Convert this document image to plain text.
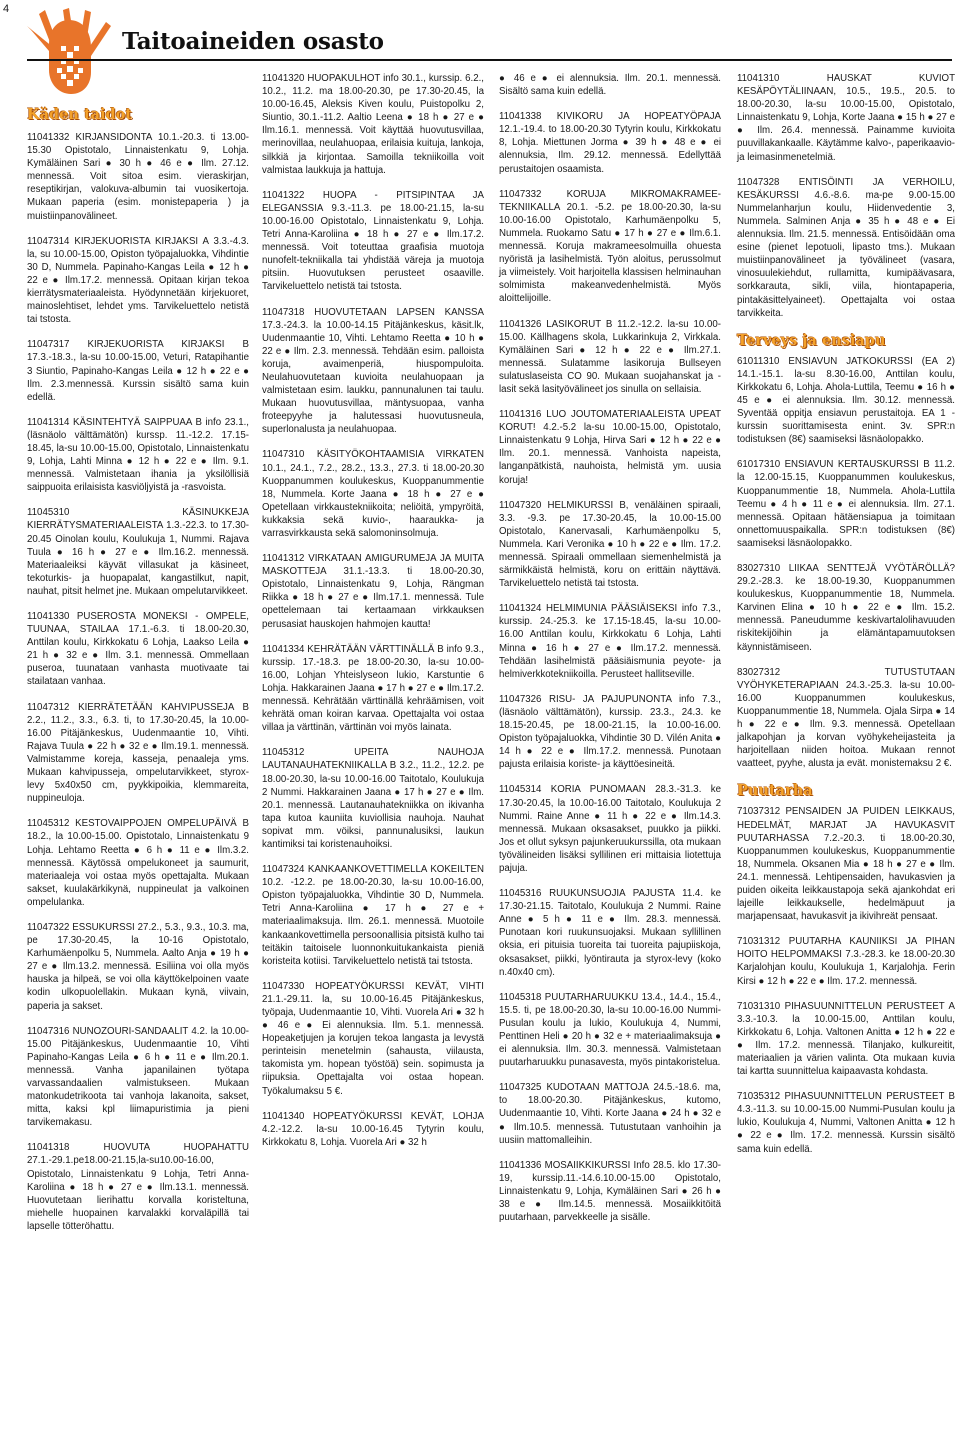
4
Taitoaineiden osasto
Käden taidot
11041332 KIRJANSIDONTA 10.1.-20.3. ti 13.00-15.30 Opistotalo, Linnaistenkatu 9, Lohja. Kymäläinen Sari ● 30 h ● 46 e ● Ilm. 27.12. mennessä. Voit sitoa esim. vieraskirjan, reseptikirjan, valokuva-albumin tai vuosikertoja. Mukaan paperia (esim. monistepaperia ) ja muistiinpanovälineet.
11047314 KIRJEKUORISTA KIRJAKSI A 3.3.-4.3. la, su 10.00-15.00, Opiston työpajaluokka, Vihdintie 30 D, Nummela. Papinaho-Kangas Leila ● 12 h ● 22 e ● Ilm.17.2. mennessä. Opitaan kirjan tekoa kierrätysmateriaaleista. Hyödynnetään kirjekuoret, mainoslehtiset, lehdet yms. Tarvikeluettelo netistä tai tstosta.
11047317 KIRJEKUORISTA KIRJAKSI B 17.3.-18.3., la-su 10.00-15.00, Veturi, Ratapihantie 3 Siuntio, Papinaho-Kangas Leila ● 12 h ● 22 e ● Ilm. 2.3.mennessä. Kurssin sisältö sama kuin edellä.
11041314 KÄSINTEHTYÄ SAIPPUAA B info 23.1., (läsnäolo välttämätön) kurssp. 11.-12.2. 17.15-18.45, la-su 10.00-15.00, Opistotalo, Linnaistenkatu 9, Lohja, Lahti Minna ● 12 h ● 22 e ● Ilm. 9.1. mennessä. Valmistetaan ihania ja yksilöllisiä saippuoita erilaisista kasviöljyistä ja -rasvoista.
11045310 KÄSINUKKEJA KIERRÄTYSMATERIAALEISTA 1.3.-22.3. to 17.30-20.45 Oinolan koulu, Koulukuja 1, Nummi. Rajava Tuula ● 16 h ● 27 e ● Ilm.16.2. mennessä. Materiaaleiksi käyvät villasukat ja käsineet, tekoturkis- ja huopapalat, kangastilkut, napit, nauhat, pitsit helmet jne. Mukaan ompelutarvikkeet.
11041330 PUSEROSTA MONEKSI - OMPELE, TUUNAA, STAILAA 17.1.-6.3. ti 18.00-20.30, Anttilan koulu, Kirkkokatu 6 Lohja, Laakso Leila ● 21 h ● 32 e ● Ilm. 3.1. mennessä. Ommellaan puseroa, tuunataan vanhasta muotivaate tai stailataan vanhaa.
11047312 KIERRÄTETÄÄN KAHVIPUSSEJA B 2.2., 11.2., 3.3., 6.3. ti, to 17.30-20.45, la 10.00-16.00 Pitäjänkeskus, Uudenmaantie 10, Vihti. Rajava Tuula ● 22 h ● 32 e ● Ilm.19.1. mennessä. Valmistamme koreja, kasseja, penaaleja yms. Mukaan kahvipusseja, ompelutarvikkeet, styrox-levy 5x40x50 cm, pyykkipoikia, klemmareita, nuppineuloja.
11045312 KESTOVAIPPOJEN OMPELUPÄIVÄ B 18.2., la 10.00-15.00. Opistotalo, Linnaistenkatu 9 Lohja. Lehtamo Reetta ● 6 h ● 11 e ● Ilm.3.2. mennessä. Käytössä ompelukoneet ja saumurit, materiaaleja voi ostaa myös opettajalta. Mukaan sakset, kuulakärkikynä, nuppineulat ja valkoinen ompelulanka.
11047322 ESSUKURSSI 27.2., 5.3., 9.3., 10.3. ma, pe 17.30-20.45, la 10-16 Opistotalo, Karhumäenpolku 5, Nummela. Aalto Anja ● 19 h ● 27 e ● Ilm.13.2. mennessä. Esiliina voi olla myös hauska ja hilpeä, se voi olla käyttökelpoinen vaate kodin ulkopuolellakin. Mukaan kynä, viivain, paperia ja sakset.
11047316 NUNOZOURI-SANDAALIT 4.2. la 10.00-15.00 Pitäjänkeskus, Uudenmaantie 10, Vihti Papinaho-Kangas Leila ● 6 h ● 11 e ● Ilm.20.1. mennessä. Vanha japanilainen työtapa varvassandaalien valmistukseen. Mukaan matonkudetrikoota tai vanhoja lakanoita, sakset, mitta, kaksi kpl liimapuristimia ja pieni tarvikemakasu.
11041318 HUOVUTA HUOPAHATTU 27.1.-29.1.pe18.00-21.15,la-su10.00-16.00, Opistotalo, Linnaistenkatu 9 Lohja, Tetri Anna-Karoliina ● 18 h ● 27 e ● Ilm.13.1. mennessä. Huovutetaan lierihattu korvalla koristeltuna, miehelle huopainen karvalakki korvaläpillä tai lapselle tötteröhattu.
11041320 HUOPAKULHOT info 30.1., kurssip. 6.2., 10.2., 11.2. ma 18.00-20.30, pe 17.30-20.45, la 10.00-16.45, Aleksis Kiven koulu, Puistopolku 2, Siuntio, 30.1.-11.2. Aaltio Leena ● 18 h ● 27 e ● Ilm.16.1. mennessä. Voit käyttää huovutusvillaa, merinovillaa, neulahuopaa, erilaisia kuituja, lankoja, silkkiä ja kirjontaa. Samoilla tekniikoilla voit valmistaa laukkuja ja hattuja.
11041322 HUOPA - PITSIPINTAA JA ELEGANSSIA 9.3.-11.3. pe 18.00-21.15, la-su 10.00-16.00 Opistotalo, Linnaistenkatu 9, Lohja. Tetri Anna-Karoliina ● 18 h ● 27 e ● Ilm.17.2. mennessä. Voit toteuttaa graafisia muotoja nunofelt-tekniikalla tai yhdistää väreja ja muotoja pitsiin. Huovutuksen perusteet osaaville. Tarvikeluettelo netistä tai tstosta.
11047318 HUOVUTETAAN LAPSEN KANSSA 17.3.-24.3. la 10.00-14.15 Pitäjänkeskus, käsit.lk, Uudenmaantie 10, Vihti. Lehtamo Reetta ● 10 h ● 22 e ● Ilm. 2.3. mennessä. Tehdään esim. palloista koruja, avaimenperiä, hiuspompuloita. Neulahuovutetaan kuvioita neulahuopaan ja valmistetaan esim. laukku, pannunalunen tai taulu. Mukaan huovutusvillaa, mäntysuopaa, vanha froteepyyhe ja halutessasi huovutusneula, superlonalusta ja neulahuopaa.
11047310 KÄSITYÖKOHTAAMISIA VIRKATEN 10.1., 24.1., 7.2., 28.2., 13.3., 27.3. ti 18.00-20.30 Kuoppanummen koulukeskus, Kuoppanummentie 18, Nummela. Korte Jaana ● 18 h ● 27 e ● Opetellaan virkkaustekniikoita; neliöitä, ympyröitä, kukkaksia sekä kuvio-, haaraukka- ja varrasvirkkausta sekä salomoninsolmuja.
11041312 VIRKATAAN AMIGURUMEJA JA MUITA MASKOTTEJA 31.1.-13.3. ti 18.00-20.30, Opistotalo, Linnaistenkatu 9, Lohja, Rängman Riikka ● 18 h ● 27 e ● Ilm.17.1. mennessä. Tule opettelemaan tai kertaamaan virkkauksen perusasiat hauskojen hahmojen kautta!
11041334 KEHRÄTÄÄN VÄRTTINÄLLÄ B info 9.3., kurssip. 17.-18.3. pe 18.00-20.30, la-su 10.00-16.00, Lohjan Yhteislyseon lukio, Karstuntie 6 Lohja. Hakkarainen Jaana ● 17 h ● 27 e ● Ilm.17.2. mennessä. Kehrätään värttinällä kehräämisen, voit kehrätä oman koiran karvaa. Opettajalta voi ostaa villaa ja värttinän, värttinän voi myös lainata.
11045312 UPEITA NAUHOJA LAUTANAUHATEKNIIKALLA B 3.2., 11.2., 12.2. pe 18.00-20.30, la-su 10.00-16.00 Taitotalo, Koulukuja 2 Nummi. Hakkarainen Jaana ● 17 h ● 27 e ● Ilm. 20.1. mennessä. Lautanauhatekniikka on ikivanha tapa kutoa kauniita kuviollisia nauhoja. Nauhat sopivat mm. vöiksi, pannunalusiksi, laukun kantimiksi tai koristenauhoiksi.
11047324 KANKAANKOVETTIMELLA KOKEILTEN 10.2. -12.2. pe 18.00-20.30, la-su 10.00-16.00, Opiston työpajaluokka, Vihdintie 30 D, Nummela. Tetri Anna-Karoliina ● 17 h ● 27 e + materiaalimaksuja. Ilm. 26.1. mennessä. Muotoile kankaankovettimella persoonallisia pitsistä kulho tai teitäkin taitoisele luonnonkuitukankaista pieniä koristeita kotiisi. Tarvikeluettelo netistä tai tstosta.
11047330 HOPEATYÖKURSSI KEVÄT, VIHTI 21.1.-29.11. la, su 10.00-16.45 Pitäjänkeskus, työpaja, Uudenmaantie 10, Vihti. Vuorela Ari ● 32 h ● 46 e ● Ei alennuksia. Ilm. 5.1. mennessä. Hopeaketjujen ja korujen tekoa langasta ja levystä perinteisin menetelmin (sahausta, viilausta, takomista ym. hopean työstöä) sein. sopimusta ja riipuksia. Opettajalta voi ostaa hopean. Työkalumaksu 5 €.
11041340 HOPEATYÖKURSSI KEVÄT, LOHJA 4.2.-12.2. la-su 10.00-16.45 Tytyrin koulu, Kirkkokatu 8, Lohja. Vuorela Ari ● 32 h
● 46 e ● ei alennuksia. Ilm. 20.1. mennessä. Sisältö sama kuin edellä.
11041338 KIVIKORU JA HOPEATYÖPAJA 12.1.-19.4. to 18.00-20.30 Tytyrin koulu, Kirkkokatu 8, Lohja. Miettunen Jorma ● 39 h ● 48 e ● ei alennuksia, Ilm. 29.12. mennessä. Edellyttää perustaitojen osaamista.
11047332 KORUJA MIKROMAKRAMEE-TEKNIIKALLA 20.1. -5.2. pe 18.00-20.30, la-su 10.00-16.00 Opistotalo, Karhumäenpolku 5, Nummela. Ruokamo Satu ● 17 h ● 27 e ● Ilm.6.1. mennessä. Koruja makrameesolmuilla ohuesta nyöristä ja lasihelmistä. Työn aloitus, perussolmut ja viimeistely. Voit harjoitella klassisen helminauhan solmimista makeanvedenhelmistä. Myös aloittelijoille.
11041326 LASIKORUT B 11.2.-12.2. la-su 10.00-15.00. Källhagens skola, Lukkarinkuja 2, Virkkala. Kymäläinen Sari ● 12 h ● 22 e ● Ilm.27.1. mennessä. Sulatamme lasikoruja Bullseyen sulatuslaseista CO 90. Mukaan suojahanskat ja -lasit sekä lasityövälineet jos sinulla on sellaisia.
11041316 LUO JOUTOMATERIAALEISTA UPEAT KORUT! 4.2.-5.2 la-su 10.00-15.00, Opistotalo, Linnaistenkatu 9 Lohja, Hirva Sari ● 12 h ● 22 e ● Ilm. 20.1. mennessä. Vanhoista napeista, langanpätkistä, nauhoista, helmistä ym. uusia koruja!
11047320 HELMIKURSSI B, venäläinen spiraali, 3.3. -9.3. pe 17.30-20.45, la 10.00-15.00 Opistotalo, Kanervasali, Karhumäenpolku 5, Nummela. Kari Veronika ● 10 h ● 22 e ● Ilm. 17.2. mennessä. Spiraali ommellaan siemenhelmistä ja särmikkäistä helmistä, koru on erittäin näyttävä. Tarvikeluettelo netistä tai tstosta.
11041324 HELMIMUNIA PÄÄSIÄISEKSI info 7.3., kurssip. 24.-25.3. ke 17.15-18.45, la-su 10.00-16.00 Anttilan koulu, Kirkkokatu 6 Lohja, Lahti Minna ● 16 h ● 27 e ● Ilm.17.2. mennessä. Tehdään lasihelmistä pääsiäismunia peyote- ja helmiverkkotekniikoilla. Perusteet hallitseville.
11047326 RISU- JA PAJUPUNONTA info 7.3., (läsnäolo välttämätön), kurssip. 23.3., 24.3. ke 18.15-20.45, pe 18.00-21.15, la 10.00-16.00. Opiston työpajaluokka, Vihdintie 30 D. Vilén Anita ● 14 h ● 22 e ● Ilm.17.2. mennessä. Punotaan pajusta erilaisia koriste- ja käyttöesineitä.
11045314 KORIA PUNOMAAN 28.3.-31.3. ke 17.30-20.45, la 10.00-16.00 Taitotalo, Koulukuja 2 Nummi. Raine Anne ● 11 h ● 22 e ● Ilm.14.3. mennessä. Mukaan oksasakset, puukko ja piikki. Jos et ollut syksyn pajunkeruukurssilla, ota mukaan työvälineiden lisäksi syllilinen eri mittaisia liotettuja pajuja.
11045316 RUUKUNSUOJIA PAJUSTA 11.4. ke 17.30-21.15. Taitotalo, Koulukuja 2 Nummi. Raine Anne ● 5 h ● 11 e ● Ilm. 28.3. mennessä. Punotaan kori ruukunsuojaksi. Mukaan syllillinen oksia, eri pituisia tuoreita tai tuoreita pajupiiskoja, oksasakset, piikki, lyöntirauta ja styrox-levy (koko n.40x40 cm).
11045318 PUUTARHARUUKKU 13.4., 14.4., 15.4., 15.5. ti, pe 18.00-20.30, la-su 10.00-16.00 Nummi-Pusulan koulu ja lukio, Koulukuja 4, Nummi, Penttinen Heli ● 20 h ● 32 e + materiaalimaksuja ● ei alennuksia. Ilm. 30.3. mennessä. Valmistetaan puutarharuukku punasavesta, myös pintakoristelua.
11047325 KUDOTAAN MATTOJA 24.5.-18.6. ma, to 18.00-20.30. Pitäjänkeskus, kutomo, Uudenmaantie 10, Vihti. Korte Jaana ● 24 h ● 32 e ● Ilm.10.5. mennessä. Tutustutaan vanhoihin ja uusiin mattomalleihin.
11041336 MOSAIIKKIKURSSI Info 28.5. klo 17.30-19, kurssip.11.-14.6.10.00-15.00 Opistotalo, Linnaistenkatu 9, Lohja, Kymäläinen Sari ● 26 h ● 38 e ● Ilm.14.5. mennessä. Mosaiikkitöitä puutarhaan, parvekkeelle ja sisälle.
11041310 HAUSKAT KUVIOT KESÄPÖYTÄLIINAAN, 10.5., 19.5., 20.5. to 18.00-20.30, la-su 10.00-15.00, Opistotalo, Linnaistenkatu 9, Lohja, Korte Jaana ● 15 h ● 27 e ● Ilm. 26.4. mennessä. Painamme kuvioita puuvillakankaalle. Käytämme kalvo-, paperikaavio- ja leimasinmenetelmiä.
11047328 ENTISÖINTI JA VERHOILU, KESÄKURSSI 4.6.-8.6. ma-pe 9.00-15.00 Nummelanharjun koulu, Hiidenvedentie 3, Nummela. Salminen Anja ● 35 h ● 48 e ● Ei alennuksia. Ilm. 21.5. mennessä. Entisöidään oma esine (pienet lepotuoli, lipasto tms.). Mukaan muistiinpanovälineet ja työvälineet (vasara, vinosuulekiehdut, rullamitta, kumipäävasara, sorkkarauta, sikli, viila, hiontapaperia, pintakäsittelyaineet). Opettajalta voi ostaa tarvikkeita.
Terveys ja ensiapu
61011310 ENSIAVUN JATKOKURSSI (EA 2) 14.1.-15.1. la-su 8.30-16.00, Anttilan koulu, Kirkkokatu 6, Lohja. Ahola-Luttila, Teemu ● 16 h ● 45 e ● ei alennuksia. Ilm. 30.12. mennessä. Syventää oppitja ensiavun perustaitoja. EA 1 -kurssin suorittamisesta enint. 3v. SPR:n todistuksen (8€) saamiseksi läsnäolopakko.
61017310 ENSIAVUN KERTAUSKURSSI B 11.2. la 12.00-15.15, Kuoppanummen koulukeskus, Kuoppanummentie 18, Nummela. Ahola-Luttila Teemu ● 4 h ● 11 e ● ei alennuksia. Ilm. 27.1. mennessä. Opitaan hätäensiapua ja toimitaan onnettomuuspaikalla. SPR:n todistuksen (8€) saamiseksi läsnäolopakko.
83027310 LIIKAA SENTTEJÄ VYÖTÄRÖLLÄ? 29.2.-28.3. ke 18.00-19.30, Kuoppanummen koulukeskus, Kuoppanummentie 18, Nummela. Karvinen Elina ● 10 h ● 22 e ● Ilm. 15.2. mennessä. Paneudumme keskivartalolihavuuden riskitekijöihin ja elämäntapamuutoksen käynnistämiseen.
83027312 TUTUSTUTAAN VYÖHYKETERAPIAAN 24.3.-25.3. la-su 10.00-16.00 Kuoppanummen koulukeskus, Kuoppanummentie 18, Nummela. Ojala Sirpa ● 14 h ● 22 e ● Ilm. 9.3. mennessä. Opetellaan jalkapohjan ja korvan vyöhykeheijasteita ja harjoitellaan niiden hoitoa. Mukaan rennot vaatteet, pyyhe, alusta ja evät. monistemaksu 2 €.
Puutarha
71037312 PENSAIDEN JA PUIDEN LEIKKAUS, HEDELMÄT, MARJAT JA HAVUKASVIT PUUTARHASSA 7.2.-20.3. ti 18.00-20.30, Kuoppanummen koulukeskus, Kuoppanummentie 18, Nummela. Oksanen Mia ● 18 h ● 27 e ● Ilm. 24.1. mennessä. Lehtipensaiden, havukasvien ja puiden oikeita leikkaustapoja sekä ajankohdat eri lajeille leikkaukselle, hedelmäpuut ja marjapensaat, havukasvit ja ikivihreät pensaat.
71031312 PUUTARHA KAUNIIKSI JA PIHAN HOITO HELPOMMAKSI 7.3.-28.3. ke 18.00-20.30 Karjalohjan koulu, Koulukuja 1, Karjalohja. Ferin Kirsi ● 12 h ● 22 e ● Ilm. 17.2. mennessä.
71031310 PIHASUUNNITTELUN PERUSTEET A 3.3.-10.3. la 10.00-15.00, Anttilan koulu, Kirkkokatu 6, Lohja. Valtonen Anitta ● 12 h ● 22 e ● Ilm. 17.2. mennessä. Tilanjako, kulkureitit, materiaalien ja värien valinta. Ota mukaan kuvia tai kartta suunnittelua kaipaavasta kohdasta.
71035312 PIHASUUNNITTELUN PERUSTEET B 4.3.-11.3. su 10.00-15.00 Nummi-Pusulan koulu ja lukio, Koulukuja 4, Nummi, Valtonen Anitta ● 12 h ● 22 e ● Ilm. 17.2. mennessä. Kurssin sisältö sama kuin edellä.
